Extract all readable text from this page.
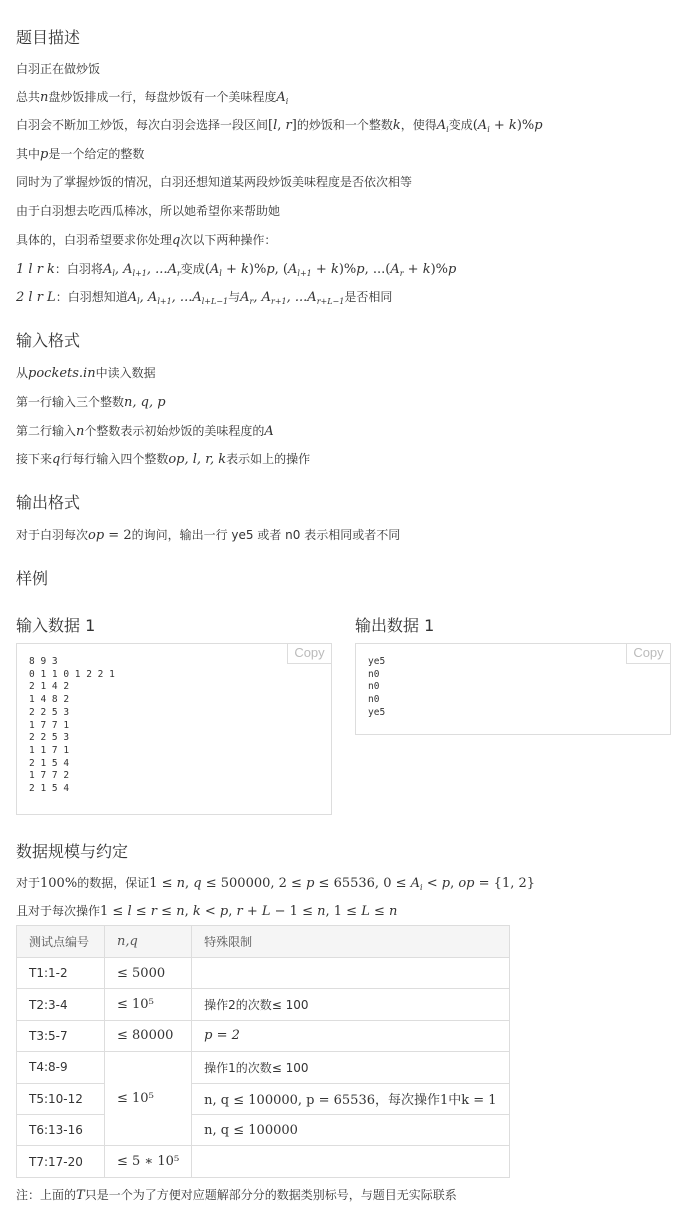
题目描述

白羽正在做炒饭

总共n盘炒饭排成一行，每盘炒饭有一个美味程度$A_i$

白羽会不断加工炒饭，每次白羽会选择一段区间[l, r]的炒饭和一个整数k，使得$A_i$变成$(A_i + k)\%p$

其中p是一个给定的整数

同时为了掌握炒饭的情况，白羽还想知道某两段炒饭美味程度是否依次相等

由于白羽想去吃西瓜棒冰，所以她希望你来帮助她

具体的，白羽希望要求你处理q次以下两种操作：

1 l r k：白羽将$A_l$, $A_{l+1}$, $...A_r$变成$(A_l + k)\%p$, $(A_{l+1} + k)\%p$, $...(A_r + k)\%p$

2 l r L：白羽想知道$A_l$, $A_{l+1}$, $...A_{l+L-1}$与$A_r$, $A_{r+1}$, $...A_{r+L-1}$是否相同

输入格式

从pockets.in中读入数据

第一行输入三个整数n, q, p

第二行输入n个整数表示初始炒饭的美味程度的A

接下来q行每行输入四个整数op, l, r, k表示如上的操作

输出格式

对于白羽每次op = 2的询问，输出一行 ye5 或者 n0 表示相同或者不同

样例
输入数据 1	输出数据 1
8 9 3
0 1 1 0 1 2 2 1
2 1 4 2
1 4 8 2
2 2 5 3
1 7 7 1
2 2 5 3
1 1 7 1
2 1 5 4
1 7 7 2
2 1 5 4
Copy
ye5
n0
n0
n0
ye5
Copy
数据规模与约定

对于100%的数据，保证1 ≤ n, q ≤ 500000, 2 ≤ p ≤ 65536, $0 \le A_i < p$, op = {1, 2}

且对于每次操作1 ≤ l ≤ r ≤ n, k < p, r + L − 1 ≤ n, 1 ≤ L ≤ n

测试点编号	n,q	特殊限制
T1:1-2	≤ 5000	
T2:3-4	≤ 10⁵	操作2的次数≤ 100
T3:5-7	≤ 80000	p = 2
T4:8-9	≤ 10⁵	操作1的次数≤ 100
T5:10-12		n, q ≤ 100000, p = 65536，每次操作1中k = 1
T6:13-16		n, q ≤ 100000
T7:17-20	≤ 5 ∗ 10⁵	

注：上面的T只是一个为了方便对应题解部分分的数据类别标号，与题目无实际联系
